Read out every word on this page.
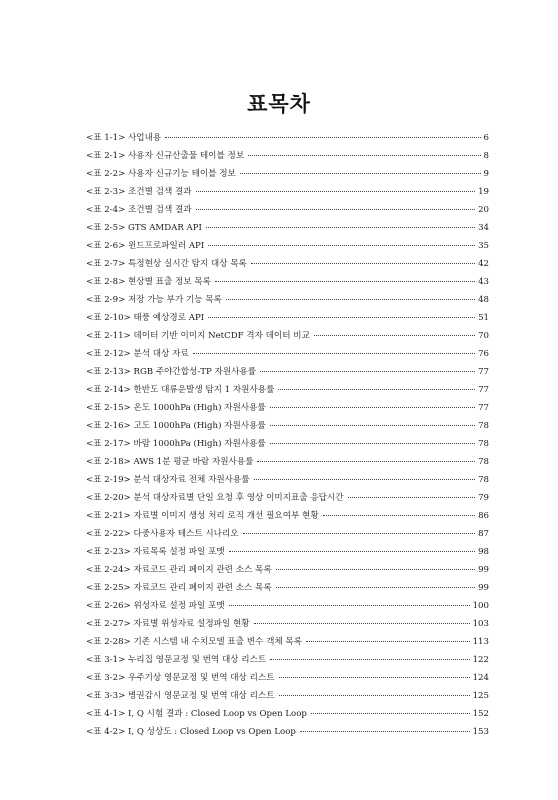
표목차
<표 1-1> 사업내용	6
<표 2-1> 사용자 신규산출물 테이블 정보	8
<표 2-2> 사용자 신규기능 테이블 정보	9
<표 2-3> 조건별 검색 결과	19
<표 2-4> 조건별 검색 결과	20
<표 2-5> GTS AMDAR API	34
<표 2-6> 윈드프로파일러 API	35
<표 2-7> 특정현상 실시간 탐지 대상 목록	42
<표 2-8> 현상별 표출 정보 목록	43
<표 2-9> 저장 가능 부가 기능 목록	48
<표 2-10> 태풍 예상경로 API	51
<표 2-11> 데이터 기반 이미지 NetCDF 격자 데이터 비교	70
<표 2-12> 분석 대상 자료	76
<표 2-13> RGB 주야간합성-TP 자원사용률	77
<표 2-14> 한반도 대류운발생 탐지 1 자원사용률	77
<표 2-15> 온도 1000hPa (High) 자원사용률	77
<표 2-16> 고도 1000hPa (High) 자원사용률	78
<표 2-17> 바람 1000hPa (High) 자원사용률	78
<표 2-18> AWS 1분 평균 바람 자원사용률	78
<표 2-19> 분석 대상자료 전체 자원사용률	78
<표 2-20> 분석 대상자료별 단일 요청 후 영상 이미지표출 응답시간	79
<표 2-21> 자료별 이미지 생성 처리 로직 개선 필요여부 현황	86
<표 2-22> 다중사용자 테스트 시나리오	87
<표 2-23> 자료목록 설정 파일 포맷	98
<표 2-24> 자료코드 관리 페이지 관련 소스 목록	99
<표 2-25> 자료코드 관리 페이지 관련 소스 목록	99
<표 2-26> 위성자료 설정 파일 포맷	100
<표 2-27> 자료별 위성자료 설정파일 현황	103
<표 2-28> 기존 시스템 내 수치모델 표출 변수 객체 목록	113
<표 3-1> 누리집 영문교정 및 번역 대상 리스트	122
<표 3-2> 우주기상 영문교정 및 번역 대상 리스트	124
<표 3-3> 병권감시 영문교정 및 번역 대상 리스트	125
<표 4-1> I, Q 시험 결과 : Closed Loop vs Open Loop	152
<표 4-2> I, Q 성상도 : Closed Loop vs Open Loop	153
